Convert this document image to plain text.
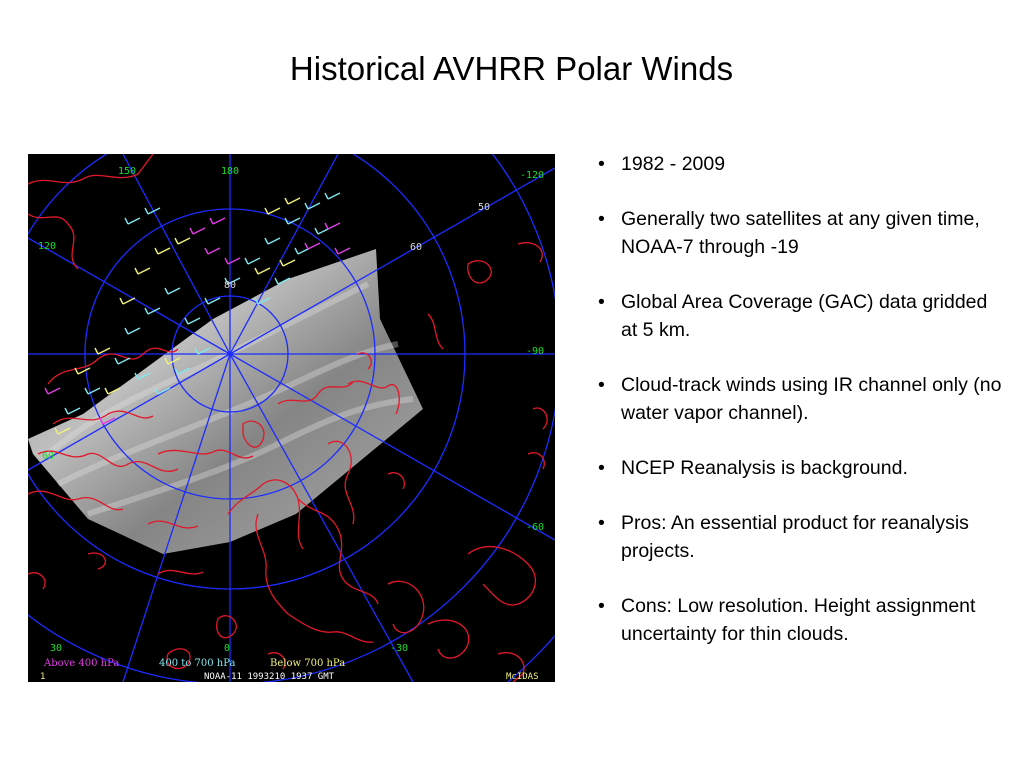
Historical AVHRR Polar Winds
150	180	-120
120
-90
60
-60
30	0	-30
50
60
80
Above 400 hPa	400 to 700 hPa	Below 700 hPa
1	NOAA-11 1993210 1937 GMT	McIDAS
• 1982 - 2009
• Generally two satellites at any given time, NOAA-7 through -19
• Global Area Coverage (GAC) data gridded at 5 km.
• Cloud-track winds using IR channel only (no water vapor channel).
• NCEP Reanalysis is background.
• Pros: An essential product for reanalysis projects.
• Cons: Low resolution. Height assignment uncertainty for thin clouds.
